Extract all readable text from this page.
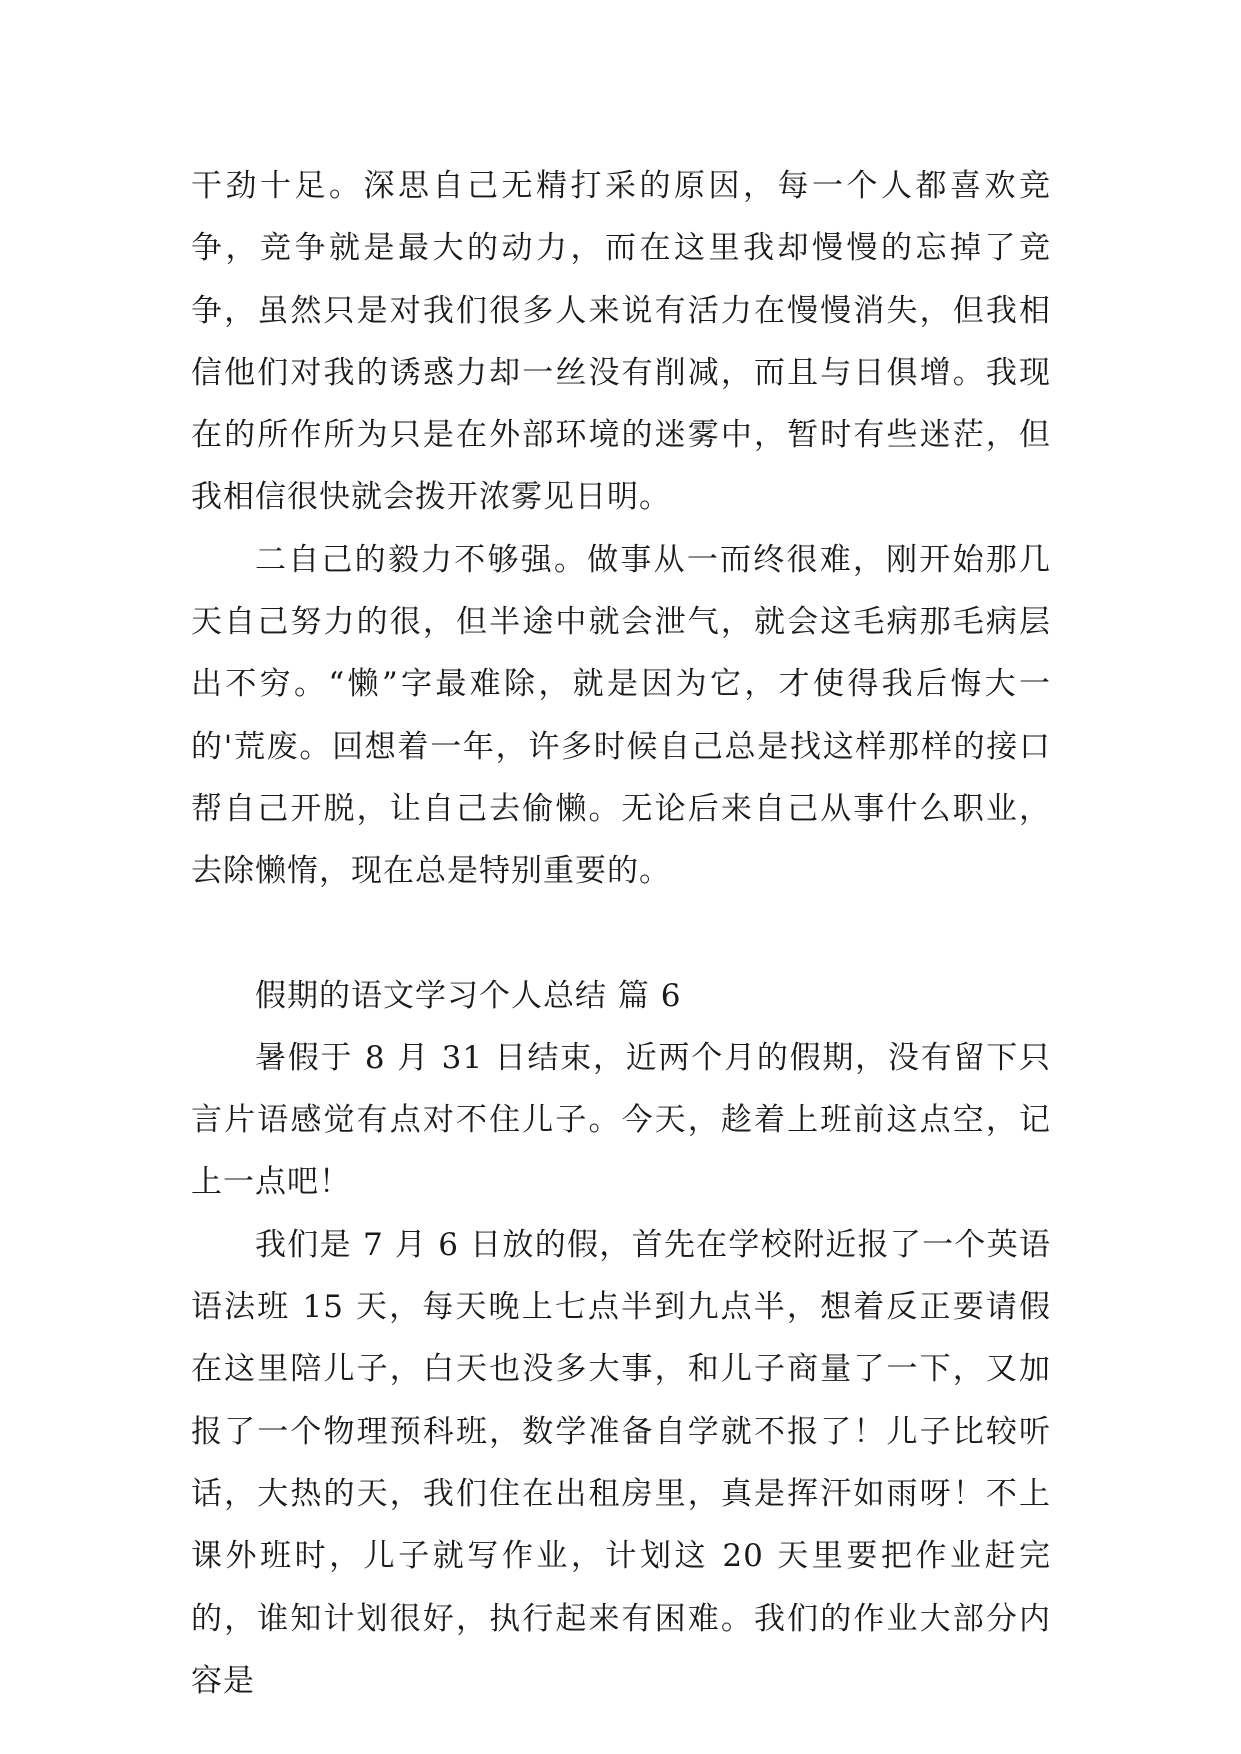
干劲十足。深思自己无精打采的原因，每一个人都喜欢竞争，竞争就是最大的动力，而在这里我却慢慢的忘掉了竞争，虽然只是对我们很多人来说有活力在慢慢消失，但我相信他们对我的诱惑力却一丝没有削减，而且与日俱增。我现在的所作所为只是在外部环境的迷雾中，暂时有些迷茫，但我相信很快就会拨开浓雾见日明。

二自己的毅力不够强。做事从一而终很难，刚开始那几天自己努力的很，但半途中就会泄气，就会这毛病那毛病层出不穷。“懒”字最难除，就是因为它，才使得我后悔大一的'荒废。回想着一年，许多时候自己总是找这样那样的接口帮自己开脱，让自己去偷懒。无论后来自己从事什么职业，去除懒惰，现在总是特别重要的。

假期的语文学习个人总结 篇 6

暑假于 8 月 31 日结束，近两个月的假期，没有留下只言片语感觉有点对不住儿子。今天，趁着上班前这点空，记上一点吧！

我们是 7 月 6 日放的假，首先在学校附近报了一个英语语法班 15 天，每天晚上七点半到九点半，想着反正要请假在这里陪儿子，白天也没多大事，和儿子商量了一下，又加报了一个物理预科班，数学准备自学就不报了！儿子比较听话，大热的天，我们住在出租房里，真是挥汗如雨呀！不上课外班时，儿子就写作业，计划这 20 天里要把作业赶完的，谁知计划很好，执行起来有困难。我们的作业大部分内容是
